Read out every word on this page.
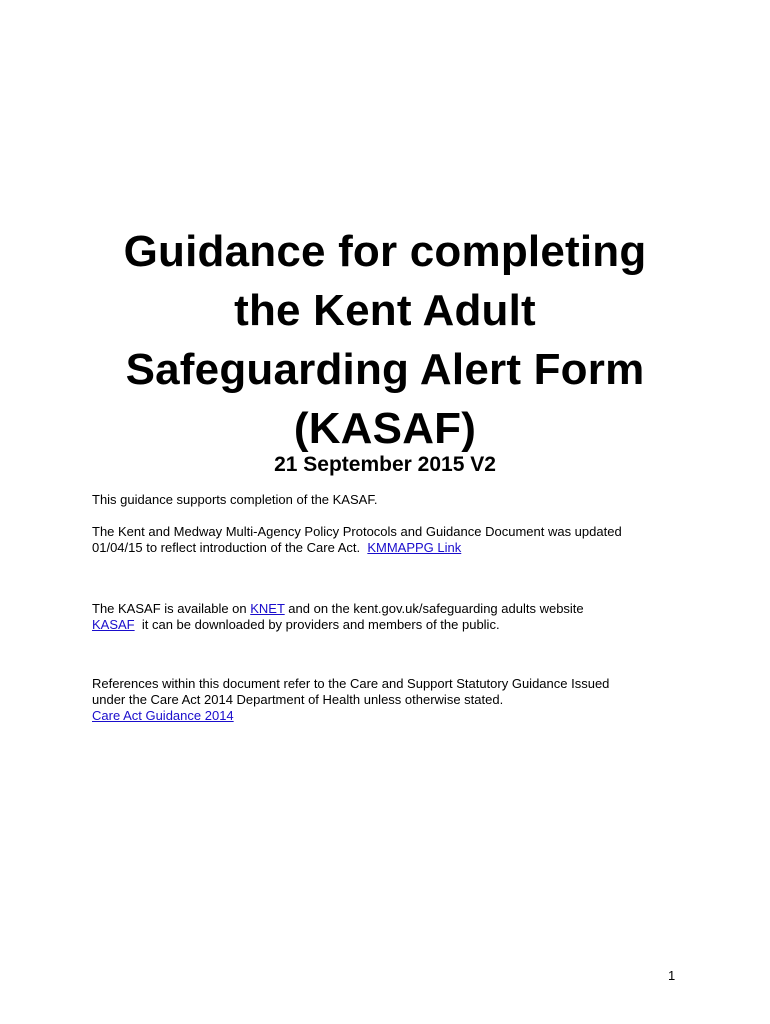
Guidance for completing
the Kent Adult
Safeguarding Alert Form
(KASAF)
21 September 2015 V2

This guidance supports completion of the KASAF.

The Kent and Medway Multi-Agency Policy Protocols and Guidance Document was updated
01/04/15 to reflect introduction of the Care Act.  KMMAPPG Link

The KASAF is available on KNET and on the kent.gov.uk/safeguarding adults website
KASAF  it can be downloaded by providers and members of the public.

References within this document refer to the Care and Support Statutory Guidance Issued
under the Care Act 2014 Department of Health unless otherwise stated.
Care Act Guidance 2014

1
